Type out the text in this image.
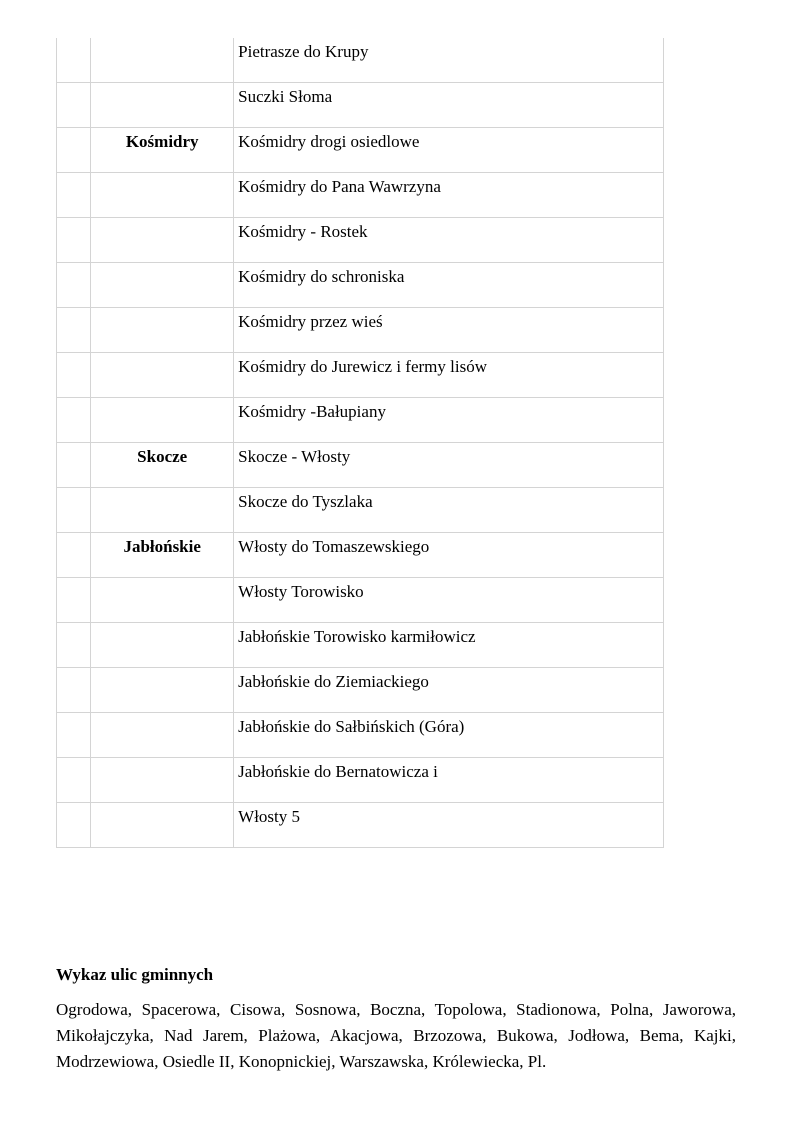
		Pietrasze do Krupy

		Suczki Słoma

	Kośmidry	Kośmidry drogi osiedlowe

		Kośmidry do Pana Wawrzyna

		Kośmidry - Rostek

		Kośmidry do schroniska

		Kośmidry przez wieś

		Kośmidry do Jurewicz i fermy lisów

		Kośmidry -Bałupiany

	Skocze	Skocze - Włosty

		Skocze do Tyszlaka

	Jabłońskie	Włosty do Tomaszewskiego

		Włosty Torowisko

		Jabłońskie Torowisko karmiłowicz

		Jabłońskie do Ziemiackiego

		Jabłońskie do Sałbińskich (Góra)

		Jabłońskie do Bernatowicza i

		Włosty 5
Wykaz ulic gminnych

Ogrodowa, Spacerowa, Cisowa, Sosnowa, Boczna, Topolowa, Stadionowa, Polna, Jaworowa, Mikołajczyka, Nad Jarem, Plażowa, Akacjowa, Brzozowa, Bukowa, Jodłowa, Bema, Kajki, Modrzewiowa, Osiedle II, Konopnickiej, Warszawska, Królewiecka, Pl.
